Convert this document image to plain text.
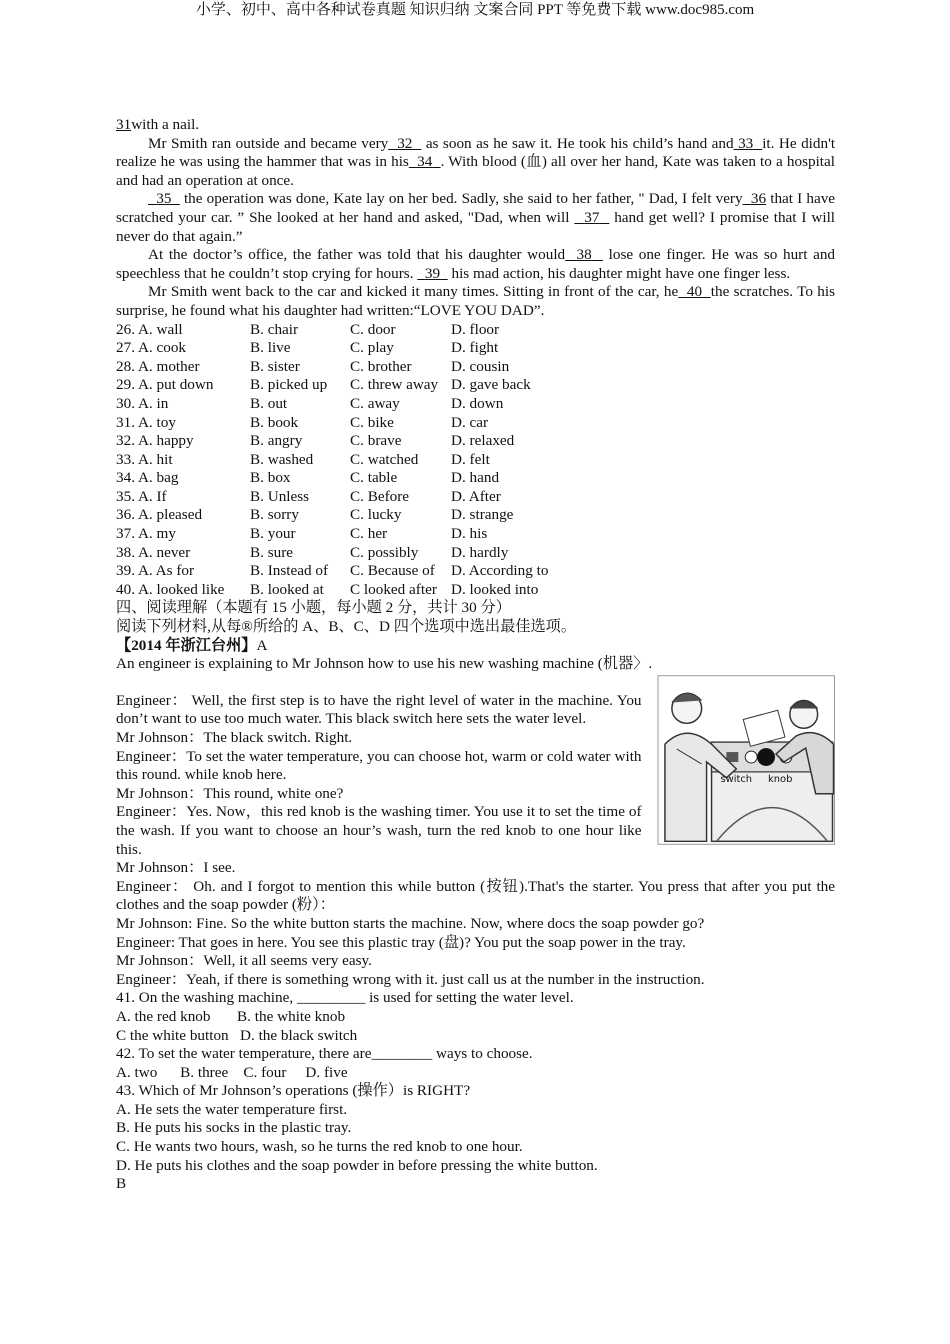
小学、初中、高中各种试卷真题 知识归纳 文案合同 PPT 等免费下载 www.doc985.com

31with a nail.

Mr Smith ran outside and became very 32 as soon as he saw it. He took his child’s hand and 33 it. He didn't realize he was using the hammer that was in his 34 . With blood (血) all over her hand, Kate was taken to a hospital and had an operation at once.

35 the operation was done, Kate lay on her bed. Sadly, she said to her father, " Dad, I felt very 36 that I have scratched your car. ” She looked at her hand and asked, "Dad, when will 37 hand get well? I promise that I will never do that again.”

At the doctor’s office, the father was told that his daughter would 38 lose one finger. He was so hurt and speechless that he couldn’t stop crying for hours. 39 his mad action, his daughter might have one finger less.

Mr Smith went back to the car and kicked it many times. Sitting in front of the car, he 40 the scratches. To his surprise, he found what his daughter had written:“LOVE YOU DAD”.

26. A. wall	B. chair	C. door	D. floor
27. A. cook	B. live	C. play	D. fight
28. A. mother	B. sister	C. brother	D. cousin
29. A. put down	B. picked up	C. threw away D. gave back
30. A. in	B. out	C. away	D. down
31. A. toy	B. book	C. bike	D. car
32. A. happy	B. angry	C. brave	D. relaxed
33. A. hit	B. washed	C. watched	D. felt
34. A. bag	B. box	C. table	D. hand
35. A. If	B. Unless	C. Before	D. After
36. A. pleased	B. sorry	C. lucky	D. strange
37. A. my	B. your	C. her	D. his
38. A. never	B. sure	C. possibly	D. hardly
39. A. As for	B. Instead of	C. Because of	D. According to
40. A. looked like	B. looked at	C looked after D. looked into

四、阅读理解（本题有 15 小题，每小题 2 分，共计 30 分）

阅读下列材料,从每®所给的 A、B、C、D 四个选项中选出最佳选项。

【2014 年浙江台州】A

An engineer is explaining to Mr Johnson how to use his new washing machine (机器〉.

Engineer： Well, the first step is to have the right level of water in the machine. You don’t want to use too much water. This black switch here sets the water level.

Mr Johnson：The black switch. Right.

Engineer：To set the water temperature, you can choose hot, warm or cold water with this round. while knob here.

Mr Johnson：This round, white one?

Engineer：Yes. Now，this red knob is the washing timer. You use it to set the time of the wash. If you want to choose an hour’s wash, turn the red knob to one hour like this.

Mr Johnson：I see.

switch knob

Engineer： Oh. and I forgot to mention this while button (按钮).That's the starter. You press that after you put the clothes and the soap powder (粉）：

Mr Johnson: Fine. So the white button starts the machine. Now, where docs the soap powder go?

Engineer: That goes in here. You see this plastic tray (盘)? You put the soap power in the tray.

Mr Johnson：Well, it all seems very easy.

Engineer：Yeah, if there is something wrong with it. just call us at the number in the instruction.

41. On the washing machine, _________ is used for setting the water level.

A. the red knob       B. the white knob

C the white button   D. the black switch

42. To set the water temperature, there are________ ways to choose.

A. two      B. three    C. four     D. five

43. Which of Mr Johnson’s operations (操作）is RIGHT?

A. He sets the water temperature first.

B. He puts his socks in the plastic tray.

C. He wants two hours, wash, so he turns the red knob to one hour.

D. He puts his clothes and the soap powder in before pressing the white button.

B
